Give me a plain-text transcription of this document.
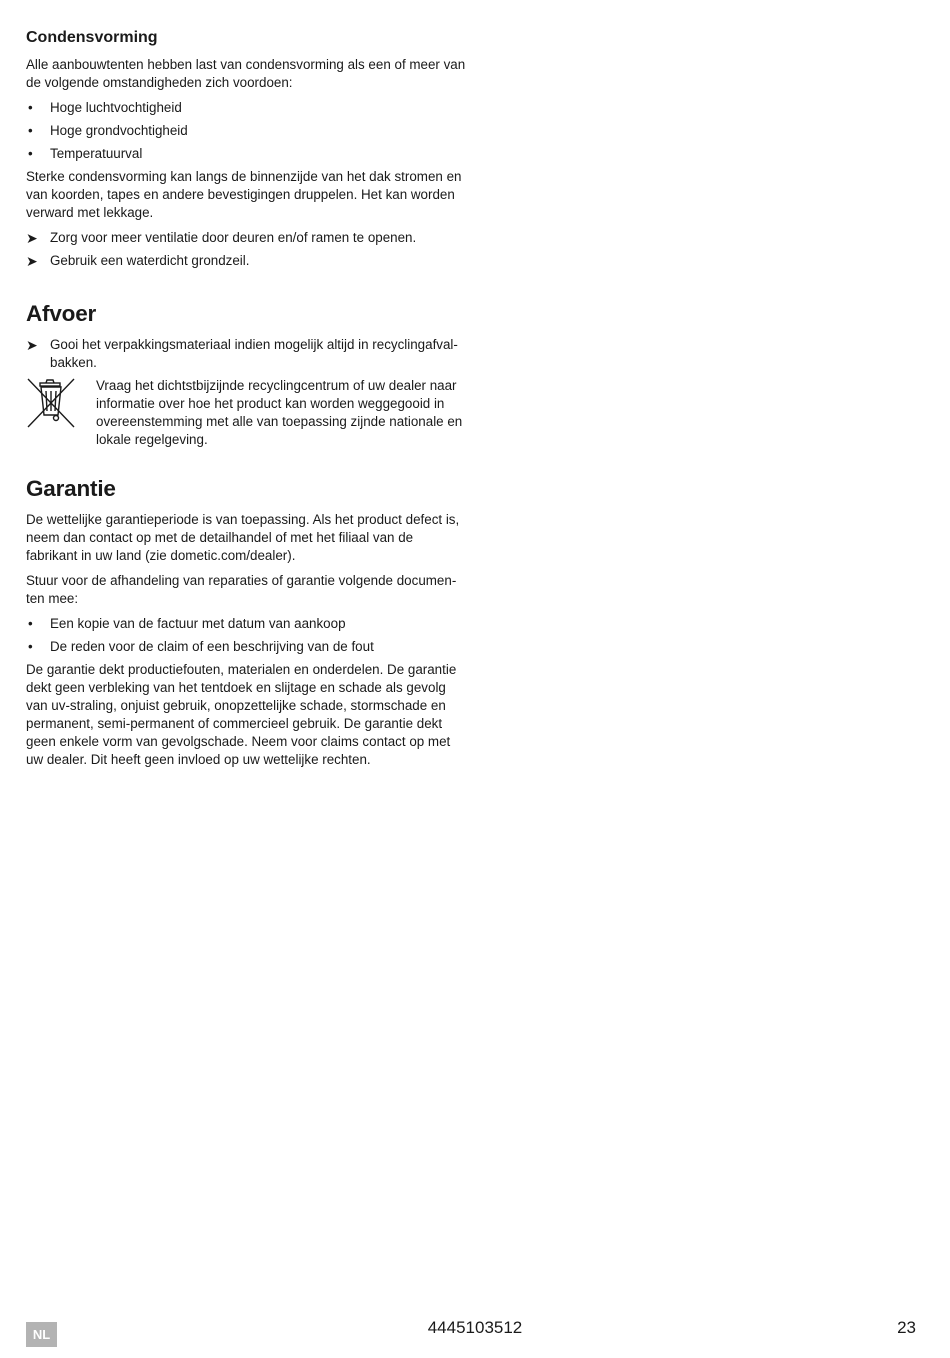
Condensvorming

Alle aanbouwtenten hebben last van condensvorming als een of meer van de volgende omstandigheden zich voordoen:

• Hoge luchtvochtigheid
• Hoge grondvochtigheid
• Temperatuurval

Sterke condensvorming kan langs de binnenzijde van het dak stromen en van koorden, tapes en andere bevestigingen druppelen. Het kan worden verward met lekkage.

➤ Zorg voor meer ventilatie door deuren en/of ramen te openen.
➤ Gebruik een waterdicht grondzeil.
Afvoer
➤ Gooi het verpakkingsmateriaal indien mogelijk altijd in recyclingafvalbakken.
Vraag het dichtstbijzijnde recyclingcentrum of uw dealer naar informatie over hoe het product kan worden weggegooid in overeenstemming met alle van toepassing zijnde nationale en lokale regelgeving.
Garantie

De wettelijke garantieperiode is van toepassing. Als het product defect is, neem dan contact op met de detailhandel of met het filiaal van de fabrikant in uw land (zie dometic.com/dealer).

Stuur voor de afhandeling van reparaties of garantie volgende documenten mee:

• Een kopie van de factuur met datum van aankoop
• De reden voor de claim of een beschrijving van de fout

De garantie dekt productiefouten, materialen en onderdelen. De garantie dekt geen verbleking van het tentdoek en slijtage en schade als gevolg van uv-straling, onjuist gebruik, onopzettelijke schade, stormschade en permanent, semi-permanent of commercieel gebruik. De garantie dekt geen enkele vorm van gevolgschade. Neem voor claims contact op met uw dealer. Dit heeft geen invloed op uw wettelijke rechten.

NL	4445103512	23
